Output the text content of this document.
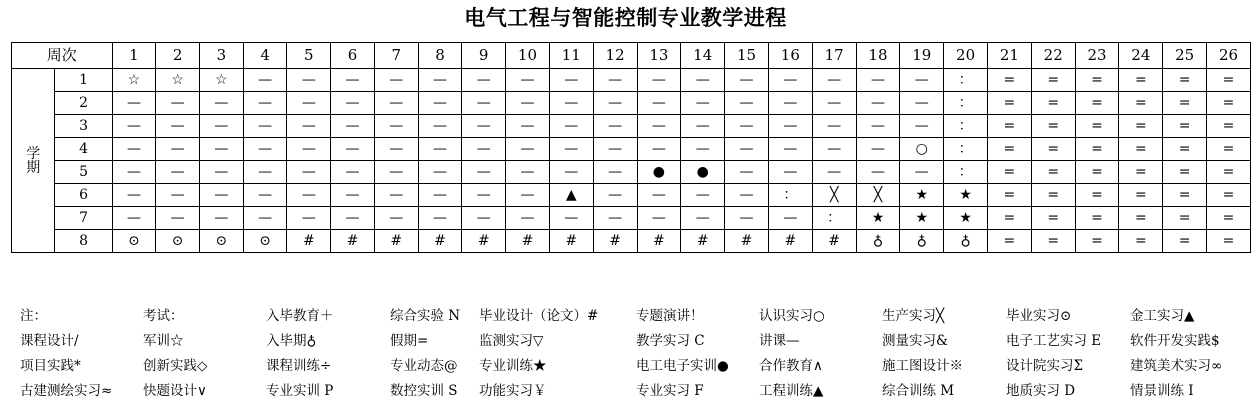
电气工程与智能控制专业教学进程
周次		1	2	3	4	5	6	7	8	9	10	11	12	13	14	15	16	17	18	19	20	21	22	23	24	25	26
学
期	1	☆	☆	☆	—	—	—	—	—	—	—	—	—	—	—	—	—	—	—	—	：	=	=	=	=	=	=
	2	—	—	—	—	—	—	—	—	—	—	—	—	—	—	—	—	—	—	—	：	=	=	=	=	=	=
	3	—	—	—	—	—	—	—	—	—	—	—	—	—	—	—	—	—	—	—	：	=	=	=	=	=	=
	4	—	—	—	—	—	—	—	—	—	—	—	—	—	—	—	—	—	—	○	：	=	=	=	=	=	=
	5	—	—	—	—	—	—	—	—	—	—	—	—	●	●	—	—	—	—	—	：	=	=	=	=	=	=
	6	—	—	—	—	—	—	—	—	—	—	▲	—	—	—	—	：	╳	╳	★	★	=	=	=	=	=	=
	7	—	—	—	—	—	—	—	—	—	—	—	—	—	—	—	—	：	★	★	★	=	=	=	=	=	=
	8	⊙	⊙	⊙	⊙	#	#	#	#	#	#	#	#	#	#	#	#	#	♁	♁	♁	=	=	=	=	=	=
注：	考试：	入毕教育＋	综合实验 N 毕业设计（论文）#	专题演讲！	认识实习○	生产实习╳	毕业实习⊙	金工实习▲
课程设计/	军训☆	入毕期♁	假期=	监测实习▽	教学实习 C	讲课—	测量实习&	电子工艺实习 E 软件开发实践$
项目实践*	创新实践◇	课程训练÷	专业动态@ 专业训练★	电工电子实训● 合作教育∧	施工图设计※	设计院实习Σ	建筑美术实习∞
古建测绘实习≈ 快题设计∨	专业实训 P	数控实训 S 功能实习￥	专业实习 F	工程训练▲	综合训练 M	地质实习 D	情景训练 I
